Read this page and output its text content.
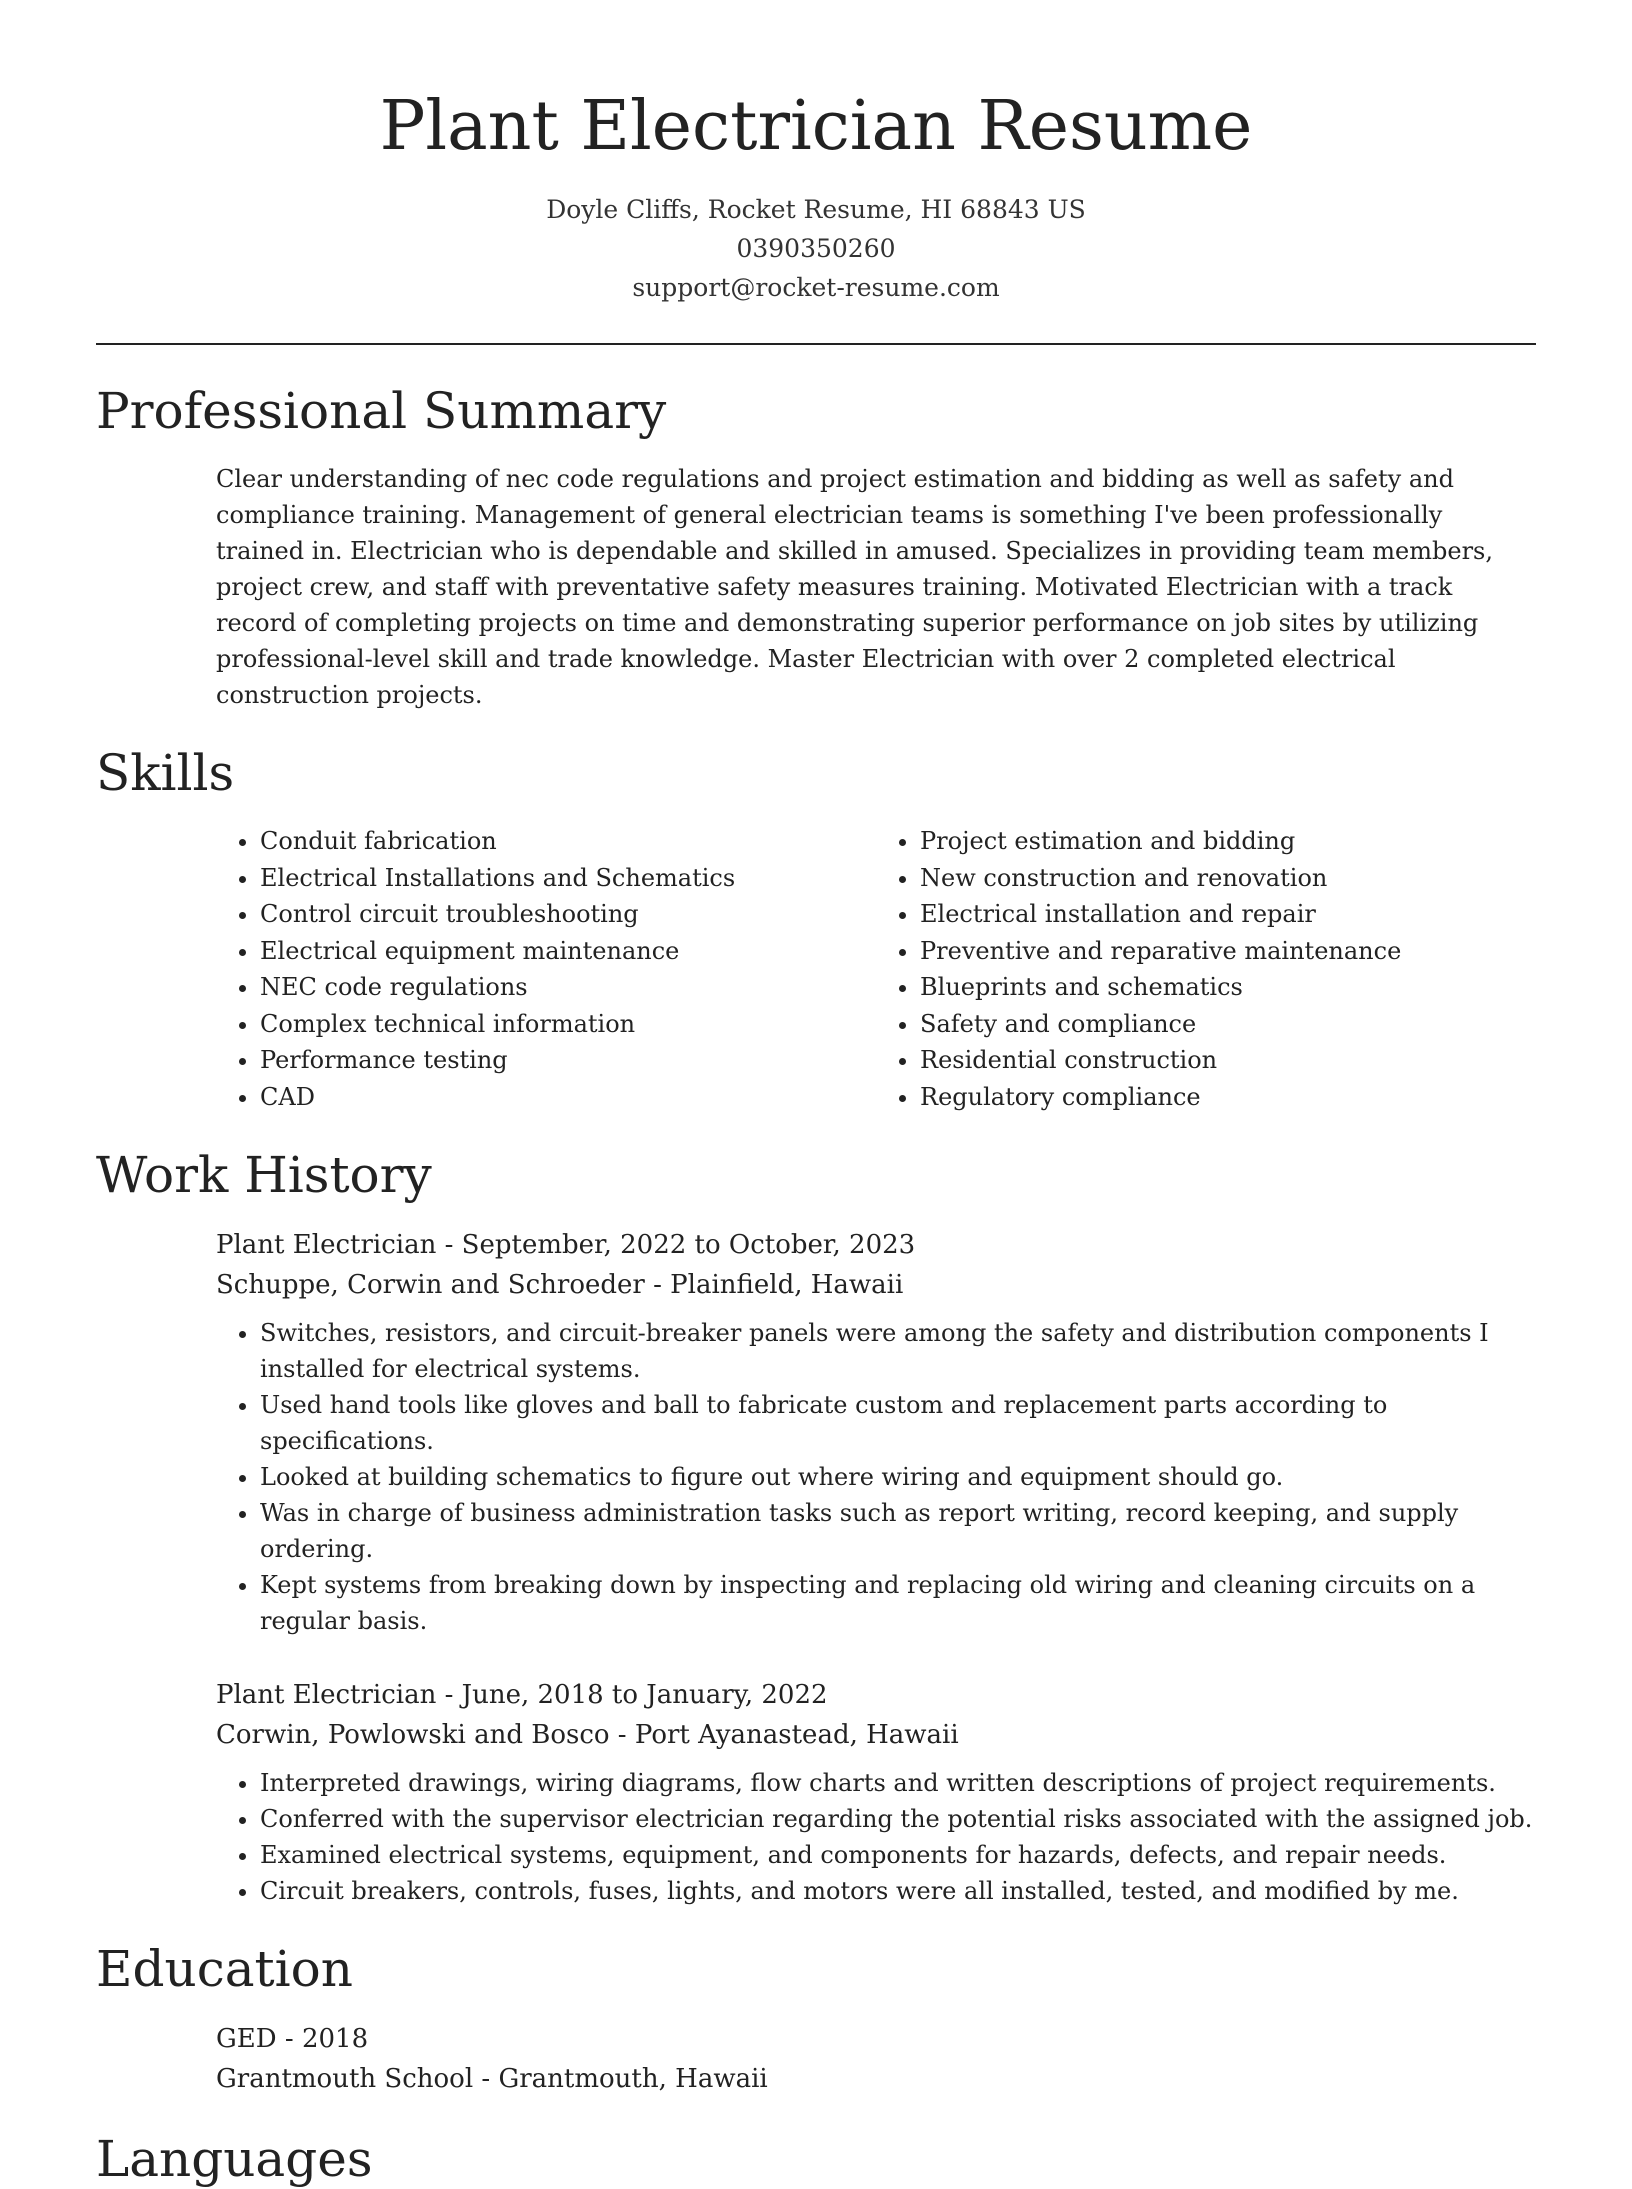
Plant Electrician Resume
Doyle Cliffs, Rocket Resume, HI 68843 US
0390350260
support@rocket-resume.com
Professional Summary
Clear understanding of nec code regulations and project estimation and bidding as well as safety and compliance training. Management of general electrician teams is something I've been professionally trained in. Electrician who is dependable and skilled in amused. Specializes in providing team members, project crew, and staff with preventative safety measures training. Motivated Electrician with a track record of completing projects on time and demonstrating superior performance on job sites by utilizing professional-level skill and trade knowledge. Master Electrician with over 2 completed electrical construction projects.
Skills
• Conduit fabrication
• Electrical Installations and Schematics
• Control circuit troubleshooting
• Electrical equipment maintenance
• NEC code regulations
• Complex technical information
• Performance testing
• CAD
• Project estimation and bidding
• New construction and renovation
• Electrical installation and repair
• Preventive and reparative maintenance
• Blueprints and schematics
• Safety and compliance
• Residential construction
• Regulatory compliance
Work History
Plant Electrician - September, 2022 to October, 2023
Schuppe, Corwin and Schroeder - Plainfield, Hawaii
• Switches, resistors, and circuit-breaker panels were among the safety and distribution components I installed for electrical systems.
• Used hand tools like gloves and ball to fabricate custom and replacement parts according to specifications.
• Looked at building schematics to figure out where wiring and equipment should go.
• Was in charge of business administration tasks such as report writing, record keeping, and supply ordering.
• Kept systems from breaking down by inspecting and replacing old wiring and cleaning circuits on a regular basis.
Plant Electrician - June, 2018 to January, 2022
Corwin, Powlowski and Bosco - Port Ayanastead, Hawaii
• Interpreted drawings, wiring diagrams, flow charts and written descriptions of project requirements.
• Conferred with the supervisor electrician regarding the potential risks associated with the assigned job.
• Examined electrical systems, equipment, and components for hazards, defects, and repair needs.
• Circuit breakers, controls, fuses, lights, and motors were all installed, tested, and modified by me.
Education
GED - 2018
Grantmouth School - Grantmouth, Hawaii
Languages
